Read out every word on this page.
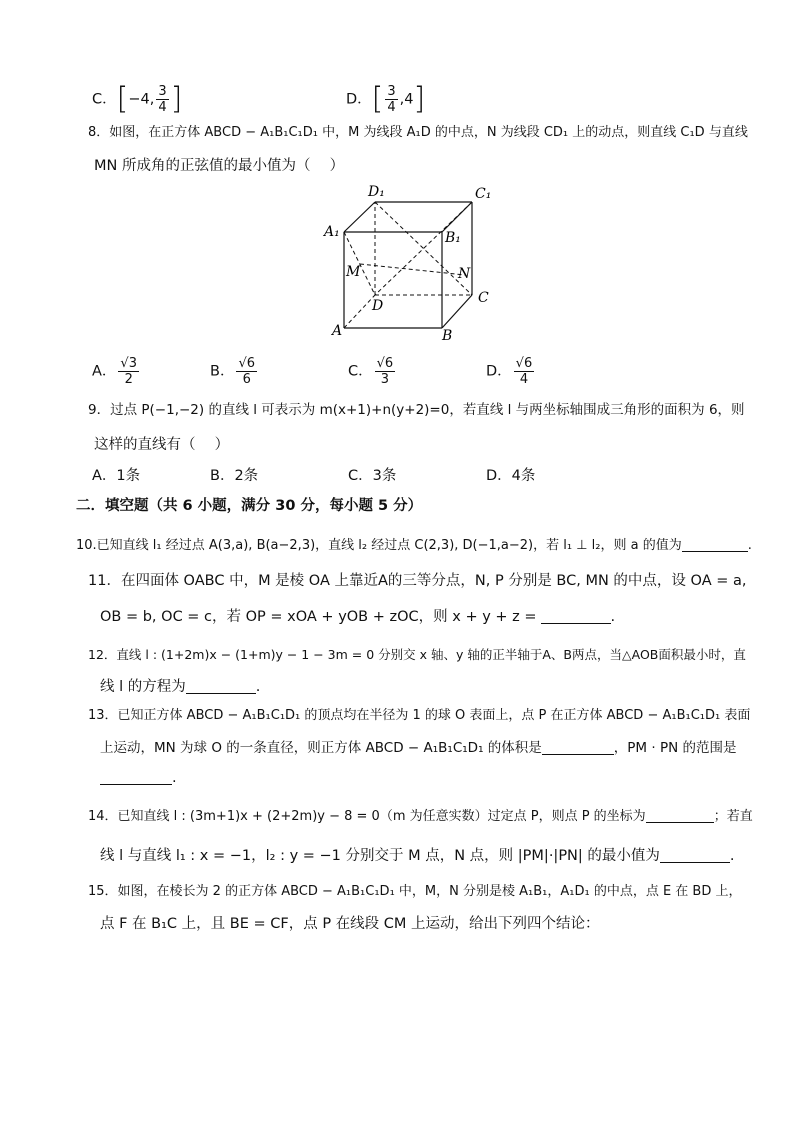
C．[−4, $\frac{3}{4}$ ]	D．[ $\frac{3}{4} ,4$]
8．如图，在正方体 ABCD − A₁B₁C₁D₁ 中，M 为线段 A₁D 的中点，N 为线段 CD₁ 上的动点，则直线 C₁D 与直线
MN 所成角的正弦值的最小值为（　 ）
D₁	C₁
A₁	B₁
M	N
D	C
A	B
A． $\frac{√3}{2}$	B． $\frac{√6}{6}$	C． $\frac{√6}{3}$	D． $\frac{√6}{4}$
9．过点 P(−1,−2) 的直线 l 可表示为 m(x+1)+n(y+2)=0，若直线 l 与两坐标轴围成三角形的面积为 6，则
这样的直线有（　 ）
A．1条	B．2条	C．3条	D．4条
二．填空题（共 6 小题，满分 30 分，每小题 5 分）
10.已知直线 l₁ 经过点 A(3,a), B(a−2,3)，直线 l₂ 经过点 C(2,3), D(−1,a−2)，若 l₁ ⊥ l₂，则 a 的值为	.
11．在四面体 OABC 中，M 是棱 OA 上靠近A的三等分点，N, P 分别是 BC, MN 的中点，设 OA = a,
OB = b, OC = c，若 OP = xOA + yOB + zOC，则 x + y + z =	.
12．直线 l : (1+2m)x − (1+m)y − 1 − 3m = 0 分别交 x 轴、y 轴的正半轴于A、B两点，当△AOB面积最小时，直
线 l 的方程为	.
13．已知正方体 ABCD − A₁B₁C₁D₁ 的顶点均在半径为 1 的球 O 表面上，点 P 在正方体 ABCD − A₁B₁C₁D₁ 表面
上运动，MN 为球 O 的一条直径，则正方体 ABCD − A₁B₁C₁D₁ 的体积是	，PM · PN 的范围是
.
14．已知直线 l : (3m+1)x + (2+2m)y − 8 = 0（m 为任意实数）过定点 P，则点 P 的坐标为	；若直
线 l 与直线 l₁ : x = −1，l₂ : y = −1 分别交于 M 点，N 点，则 |PM|·|PN| 的最小值为	.
15．如图，在棱长为 2 的正方体 ABCD − A₁B₁C₁D₁ 中，M，N 分别是棱 A₁B₁，A₁D₁ 的中点，点 E 在 BD 上，
点 F 在 B₁C 上，且 BE = CF，点 P 在线段 CM 上运动，给出下列四个结论：
